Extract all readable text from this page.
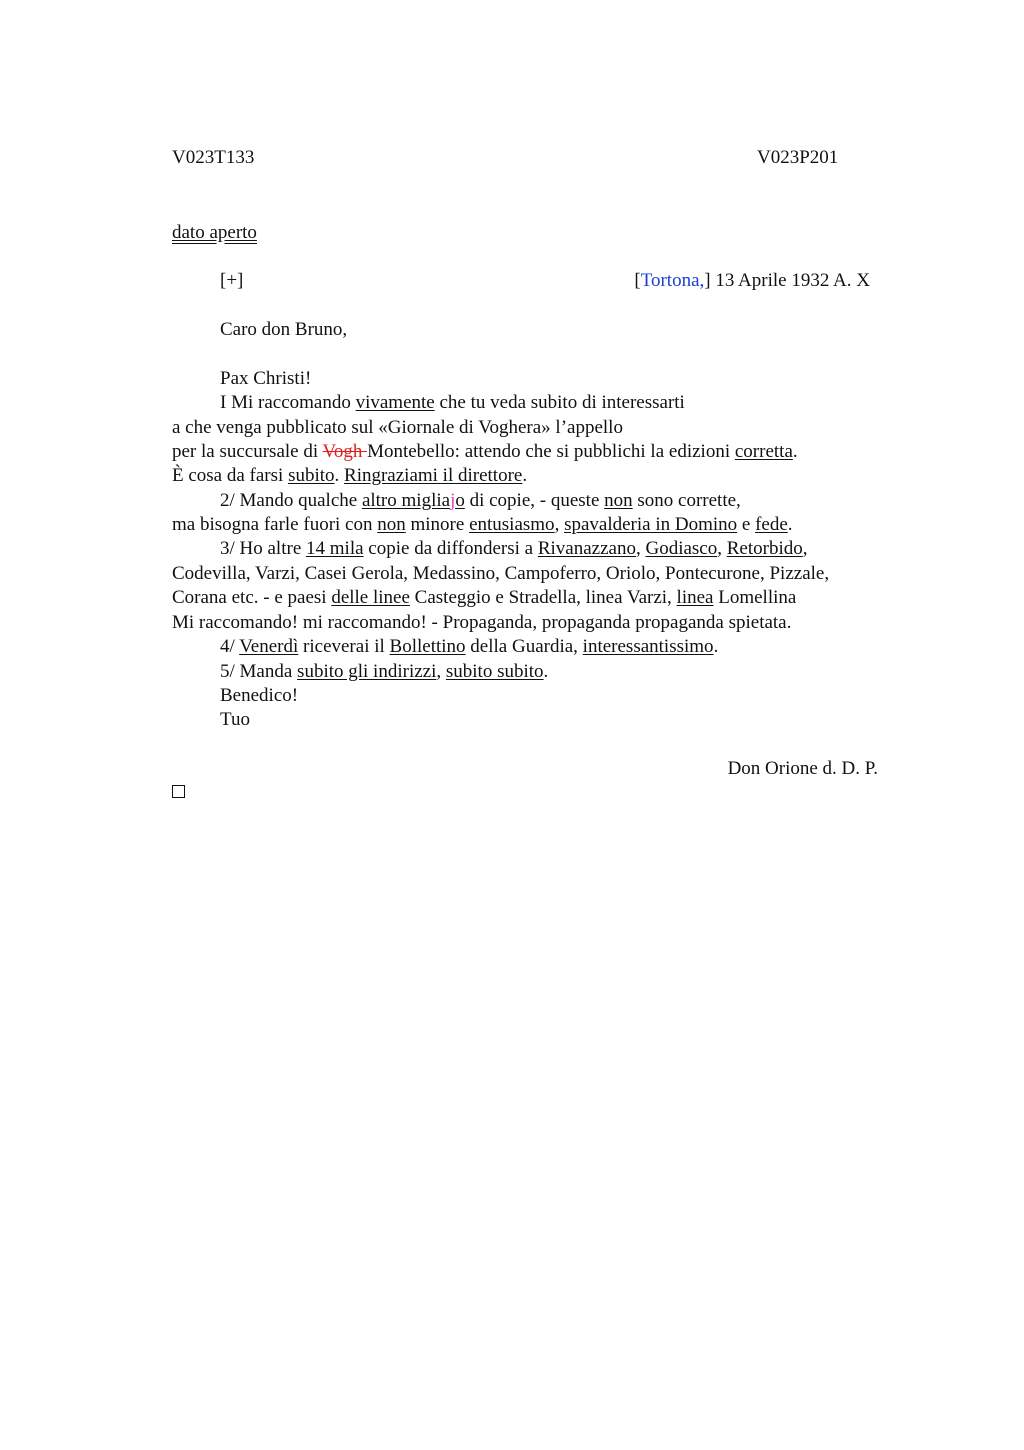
V023T133	V023P201
dato aperto
[+]	[Tortona,] 13 Aprile 1932 A. X
Caro don Bruno,
Pax Christi!
I Mi raccomando vivamente che tu veda subito di interessarti
a che venga pubblicato sul «Giornale di Voghera» l’appello
per la succursale di Vogh Montebello: attendo che si pubblichi la edizioni corretta.
È cosa da farsi subito. Ringraziami il direttore.
2/ Mando qualche altro migliajo di copie, - queste non sono corrette,
ma bisogna farle fuori con non minore entusiasmo, spavalderia in Domino e fede.
3/ Ho altre 14 mila copie da diffondersi a Rivanazzano, Godiasco, Retorbido,
Codevilla, Varzi, Casei Gerola, Medassino, Campoferro, Oriolo, Pontecurone, Pizzale,
Corana etc. - e paesi delle linee Casteggio e Stradella, linea Varzi, linea Lomellina
Mi raccomando! mi raccomando! - Propaganda, propaganda propaganda spietata.
4/ Venerdì riceverai il Bollettino della Guardia, interessantissimo.
5/ Manda subito gli indirizzi, subito subito.
Benedico!
Tuo
Don Orione d. D. P.
